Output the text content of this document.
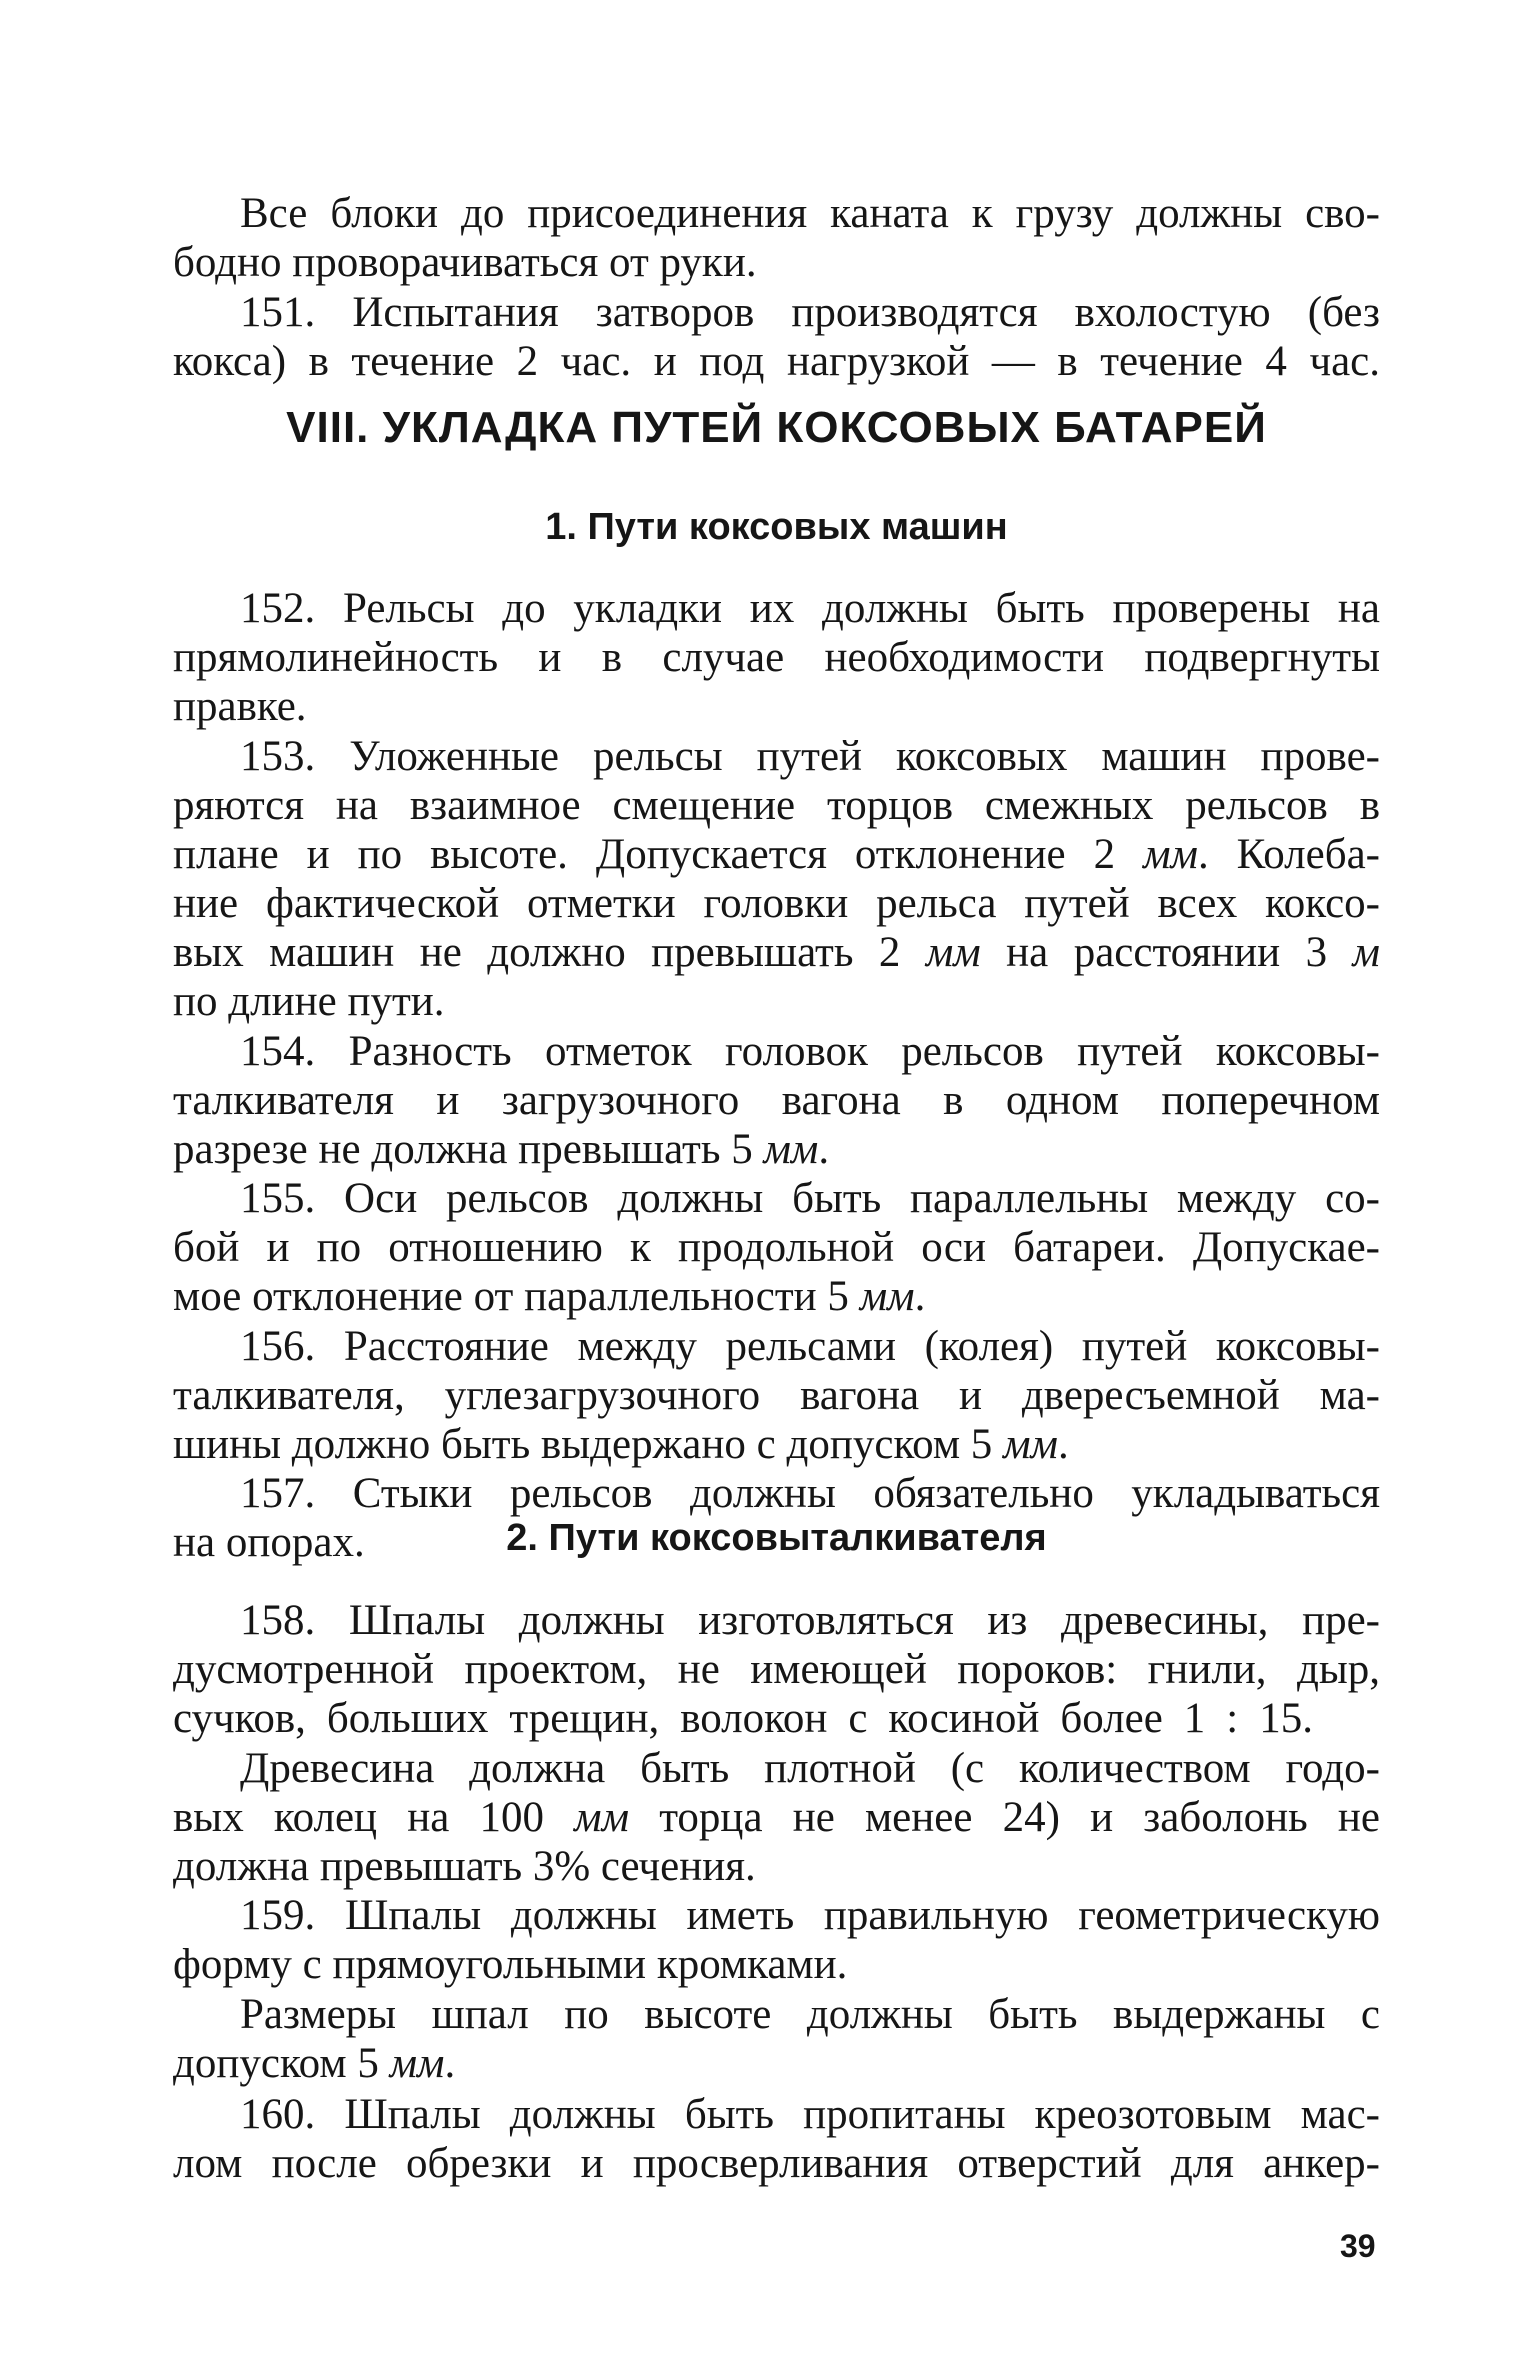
Все блоки до присоединения каната к грузу должны сво-

бодно проворачиваться от руки.

151. Испытания затворов производятся вхолостую (без

кокса) в течение 2 час. и под нагрузкой — в течение 4 час.

VIII. УКЛАДКА ПУТЕЙ КОКСОВЫХ БАТАРЕЙ
1. Пути коксовых машин

152. Рельсы до укладки их должны быть проверены на

прямолинейность и в случае необходимости подвергнуты

правке.

153. Уложенные рельсы путей коксовых машин прове-

ряются на взаимное смещение торцов смежных рельсов в

плане и по высоте. Допускается отклонение 2 мм. Колеба-

ние фактической отметки головки рельса путей всех коксо-

вых машин не должно превышать 2 мм на расстоянии 3 м

по длине пути.

154. Разность отметок головок рельсов путей коксовы-

талкивателя и загрузочного вагона в одном поперечном

разрезе не должна превышать 5 мм.

155. Оси рельсов должны быть параллельны между со-

бой и по отношению к продольной оси батареи. Допускае-

мое отклонение от параллельности 5 мм.

156. Расстояние между рельсами (колея) путей коксовы-

талкивателя, углезагрузочного вагона и двересъемной ма-

шины должно быть выдержано с допуском 5 мм.

157. Стыки рельсов должны обязательно укладываться

на опорах.	2. Пути коксовыталкивателя

158. Шпалы должны изготовляться из древесины, пре-

дусмотренной проектом, не имеющей пороков: гнили, дыр,

сучков, больших трещин, волокон с косиной более 1 : 15.

Древесина должна быть плотной (с количеством годо-

вых колец на 100 мм торца не менее 24) и заболонь не

должна превышать 3% сечения.

159. Шпалы должны иметь правильную геометрическую

форму с прямоугольными кромками.

Размеры шпал по высоте должны быть выдержаны с

допуском 5 мм.

160. Шпалы должны быть пропитаны креозотовым мас-

лом после обрезки и просверливания отверстий для анкер-

39
